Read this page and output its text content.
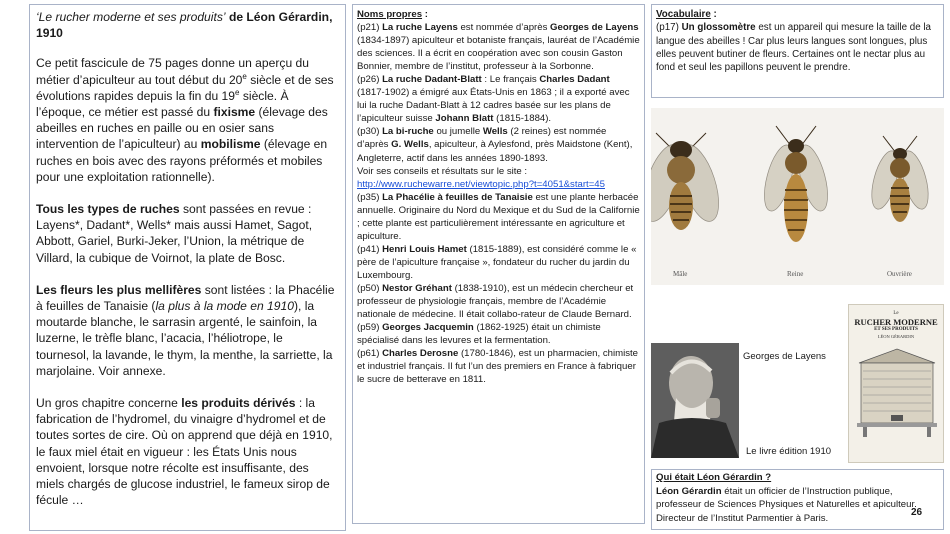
‘Le rucher moderne et ses produits’ de Léon Gérardin, 1910

Ce petit fascicule de 75 pages donne un aperçu du métier d’apiculteur au tout début du 20e siècle et de ses évolutions rapides depuis la fin du 19e siècle. À l’époque, ce métier est passé du fixisme (élevage des abeilles en ruches en paille ou en osier sans intervention de l’apiculteur) au mobilisme (élevage en ruches en bois avec des rayons préformés et mobiles pour une exploitation rationnelle).

Tous les types de ruches sont passées en revue : Layens*, Dadant*, Wells* mais aussi Hamet, Sagot, Abbott, Gariel, Burki-Jeker, l’Union, la métrique de Villard, la cubique de Voirnot, la plate de Bosc.

Les fleurs les plus mellifères sont listées : la Phacélie à feuilles de Tanaisie (la plus à la mode en 1910), la moutarde blanche, le sarrasin argenté, le sainfoin, la luzerne, le trèfle blanc, l’acacia, l’héliotrope, le tournesol, la lavande, le thym, la menthe, la sarriette, la marjolaine. Voir annexe.

Un gros chapitre concerne les produits dérivés : la fabrication de l’hydromel, du vinaigre d’hydromel et de toutes sortes de cire. Où on apprend que déjà en 1910, le faux miel était en vigueur : les États Unis nous envoient, lorsque notre récolte est insuffisante, des miels chargés de glucose industriel, le fameux sirop de fécule …

Noms propres :

(p21) La ruche Layens est nommée d’après Georges de Layens (1834-1897) apiculteur et botaniste français, lauréat de l’Académie des sciences. Il a écrit en coopération avec son cousin Gaston Bonnier, membre de l’institut, professeur à la Sorbonne.

(p26) La ruche Dadant-Blatt : Le français Charles Dadant (1817-1902) a émigré aux États-Unis en 1863 ; il a exporté avec lui la ruche Dadant-Blatt à 12 cadres basée sur les plans de l’apiculteur suisse Johann Blatt (1815-1884).

(p30) La bi-ruche ou jumelle Wells (2 reines) est nommée d’après G. Wells, apiculteur, à Aylesfond, près Maidstone (Kent), Angleterre, actif dans les années 1890-1893.

Voir ses conseils et résultats sur le site :

http://www.ruchewarre.net/viewtopic.php?t=4051&start=45

(p35) La Phacélie à feuilles de Tanaisie est une plante herbacée annuelle. Originaire du Nord du Mexique et du Sud de la Californie ; cette plante est particulièrement intéressante en agriculture et apiculture.

(p41) Henri Louis Hamet (1815-1889), est considéré comme le « père de l’apiculture française », fondateur du rucher du jardin du Luxembourg.

(p50) Nestor Gréhant (1838-1910), est un médecin chercheur et professeur de physiologie français, membre de l’Académie nationale de médecine. Il était collabo-rateur de Claude Bernard.

(p59) Georges Jacquemin (1862-1925) était un chimiste spécialisé dans les levures et la fermentation.

(p61) Charles Derosne (1780-1846), est un pharmacien, chimiste et industriel français. Il fut l’un des premiers en France à fabriquer le sucre de betterave en 1811.

Vocabulaire :

(p17) Un glossomètre est un appareil qui mesure la taille de la langue des abeilles ! Car plus leurs langues sont longues, plus elles peuvent butiner de fleurs. Certaines ont le nectar plus au fond et seul les papillons peuvent le prendre.

Mâle	Reine	Ouvrière
Georges de Layens
Le livre édition 1910
Le
RUCHER MODERNE
ET SES PRODUITS
LÉON GÉRARDIN

Qui était Léon Gérardin ?

Léon Gérardin était un officier de l’Instruction publique, professeur de Sciences Physiques et Naturelles et apiculteur. Directeur de l’Institut Parmentier à Paris.

26
